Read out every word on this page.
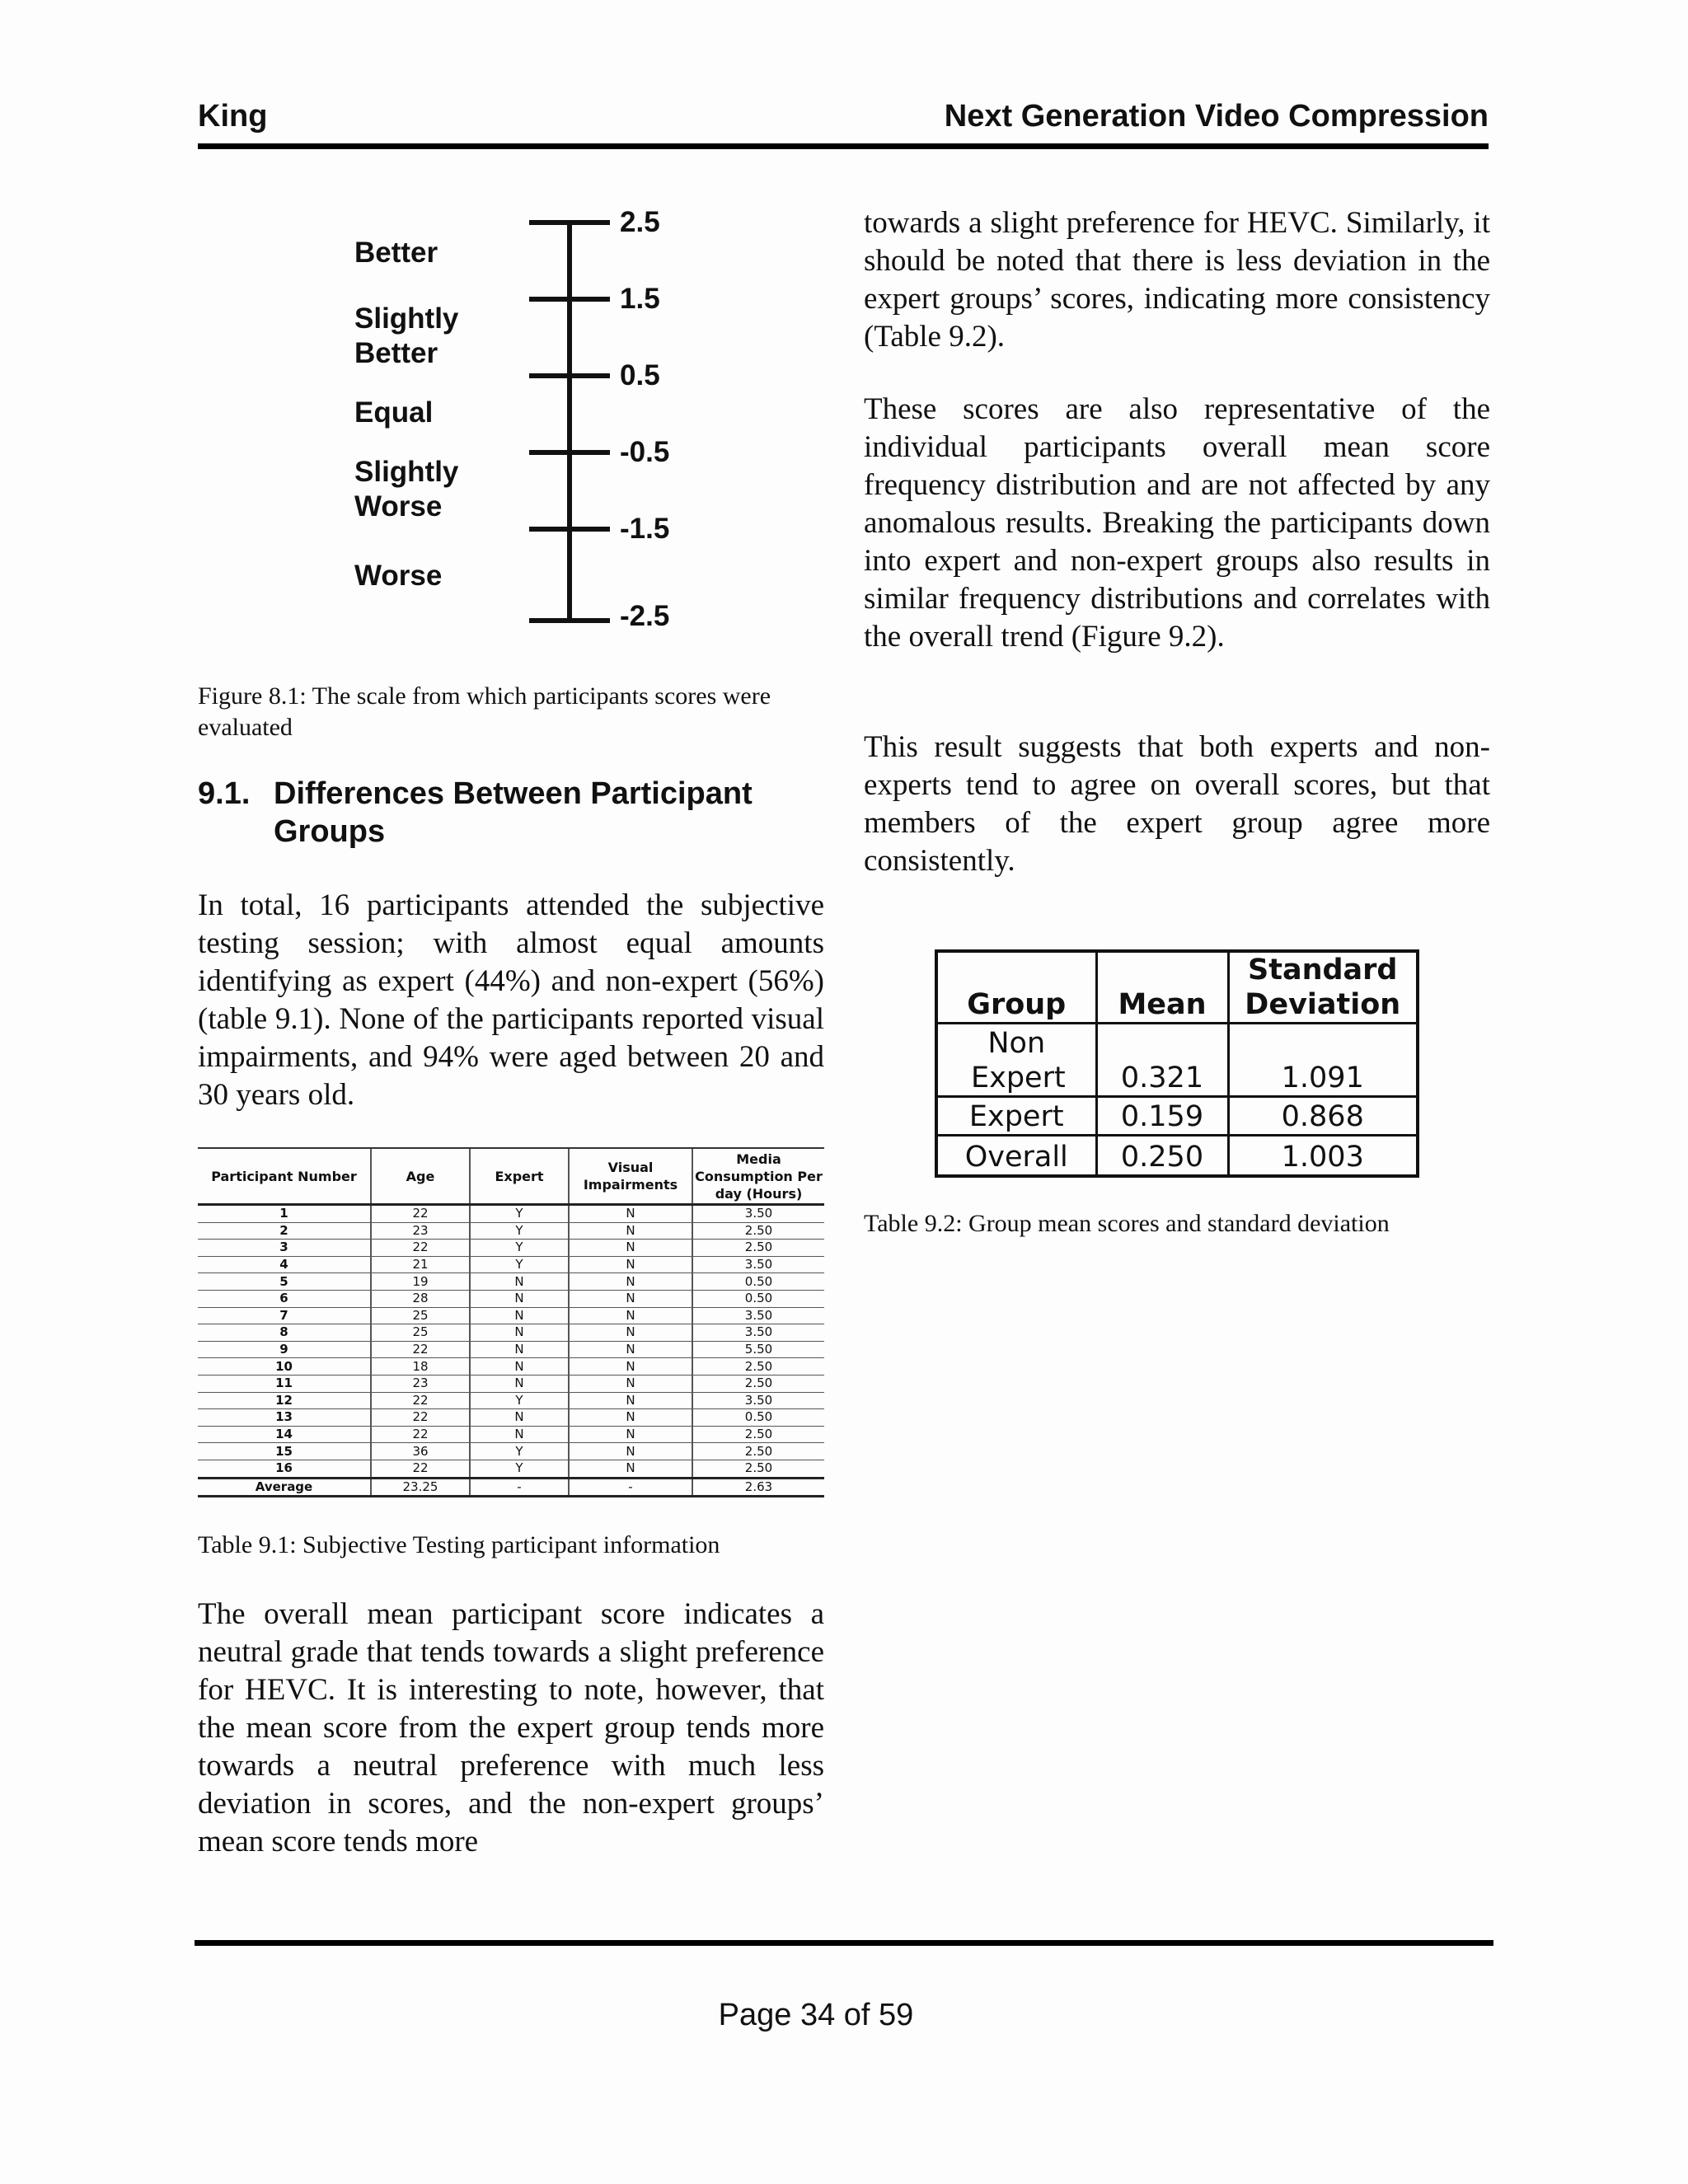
King	Next Generation Video Compression
2.5
1.5
0.5
-0.5
-1.5
-2.5
Better
Slightly Better
Equal
Slightly Worse
Worse
Figure 8.1: The scale from which participants scores were evaluated
9.1. Differences Between Participant Groups
In total, 16 participants attended the subjective testing session; with almost equal amounts identifying as expert (44%) and non-expert (56%) (table 9.1). None of the participants reported visual impairments, and 94% were aged between 20 and 30 years old.
Participant Number	Age	Expert	Visual Impairments	Media Consumption Per day (Hours)
1	22	Y	N	3.50
2	23	Y	N	2.50
3	22	Y	N	2.50
4	21	Y	N	3.50
5	19	N	N	0.50
6	28	N	N	0.50
7	25	N	N	3.50
8	25	N	N	3.50
9	22	N	N	5.50
10	18	N	N	2.50
11	23	N	N	2.50
12	22	Y	N	3.50
13	22	N	N	0.50
14	22	N	N	2.50
15	36	Y	N	2.50
16	22	Y	N	2.50
Average	23.25	-	-	2.63
Table 9.1: Subjective Testing participant information
The overall mean participant score indicates a neutral grade that tends towards a slight preference for HEVC. It is interesting to note, however, that the mean score from the expert group tends more towards a neutral preference with much less deviation in scores, and the non-expert groups’ mean score tends more
towards a slight preference for HEVC. Similarly, it should be noted that there is less deviation in the expert groups’ scores, indicating more consistency (Table 9.2).
These scores are also representative of the individual participants overall mean score frequency distribution and are not affected by any anomalous results. Breaking the participants down into expert and non-expert groups also results in similar frequency distributions and correlates with the overall trend (Figure 9.2).
This result suggests that both experts and non-experts tend to agree on overall scores, but that members of the expert group agree more consistently.
Group	Mean	Standard Deviation
Non Expert	0.321	1.091
Expert	0.159	0.868
Overall	0.250	1.003
Table 9.2: Group mean scores and standard deviation
Page 34 of 59
